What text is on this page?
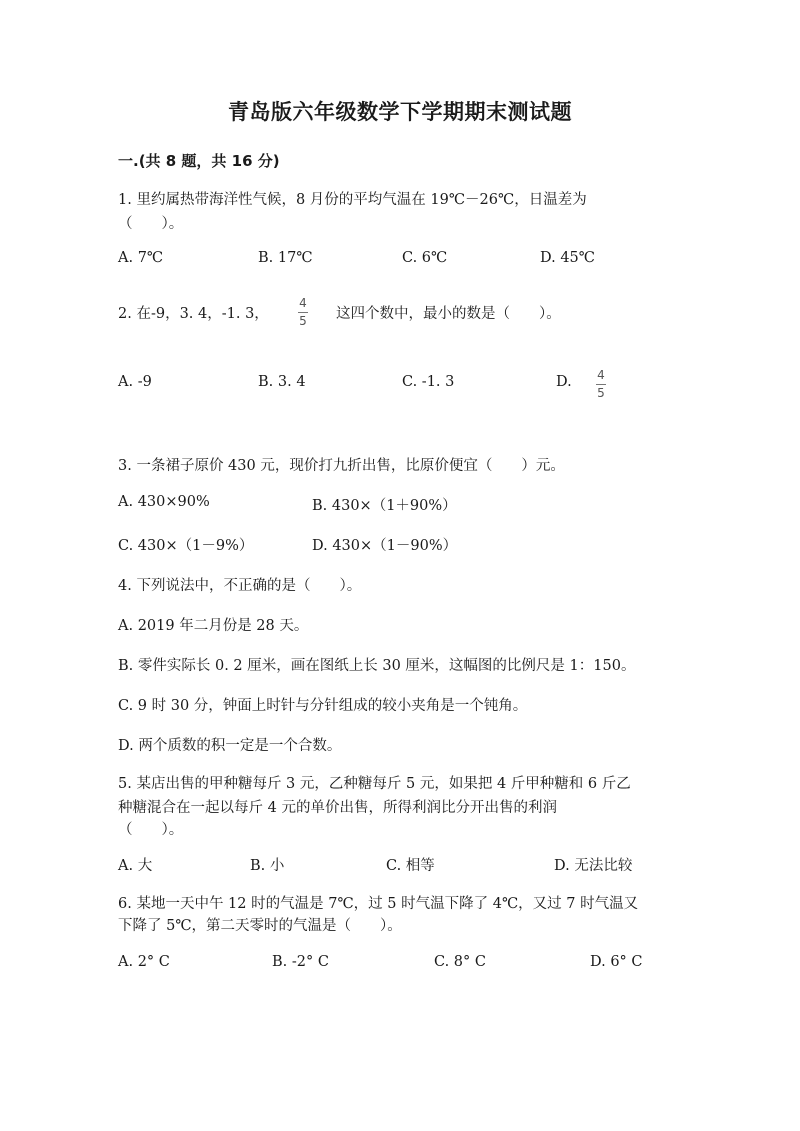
青岛版六年级数学下学期期末测试题
一.(共 8 题，共 16 分)
1. 里约属热带海洋性气候，8 月份的平均气温在 19℃－26℃，日温差为
（　　）。
A. 7℃	B. 17℃	C. 6℃	D. 45℃
2. 在-9，3. 4，-1. 3，
4
5 这四个数中，最小的数是（　　）。
A. -9	B. 3. 4	C. -1. 3	D. 4
5
3. 一条裙子原价 430 元，现价打九折出售，比原价便宜（　　）元。
A. 430×90%	B. 430×（1＋90%）
C. 430×（1－9%）	D. 430×（1－90%）
4. 下列说法中，不正确的是（　　）。
A. 2019 年二月份是 28 天。
B. 零件实际长 0. 2 厘米，画在图纸上长 30 厘米，这幅图的比例尺是 1：150。
C. 9 时 30 分，钟面上时针与分针组成的较小夹角是一个钝角。
D. 两个质数的积一定是一个合数。
5. 某店出售的甲种糖每斤 3 元，乙种糖每斤 5 元，如果把 4 斤甲种糖和 6 斤乙
种糖混合在一起以每斤 4 元的单价出售，所得利润比分开出售的利润
（　　）。
A. 大	B. 小	C. 相等	D. 无法比较
6. 某地一天中午 12 时的气温是 7℃，过 5 时气温下降了 4℃，又过 7 时气温又
下降了 5℃，第二天零时的气温是（　　）。
A. 2° C	B. -2° C	C. 8° C	D. 6° C
